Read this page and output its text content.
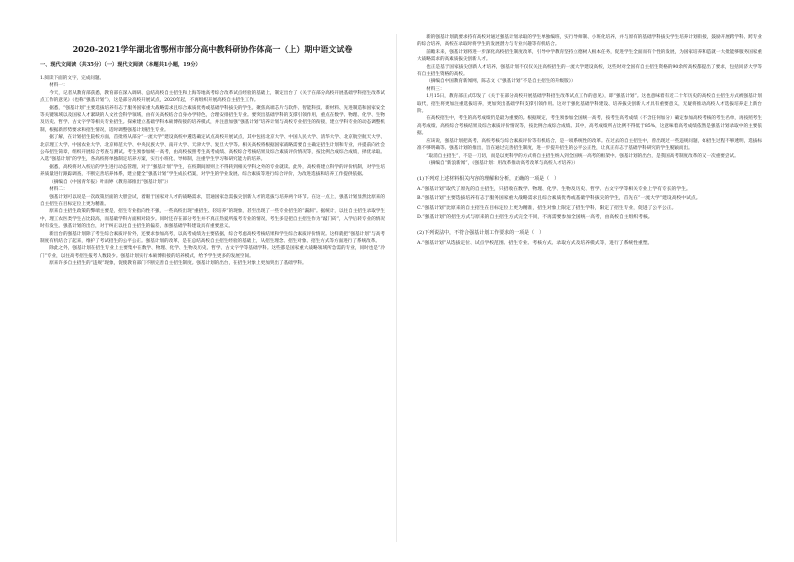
2020-2021学年湖北省鄂州市部分高中教科研协作体高一（上）期中语文试卷
一、现代文阅读（共35分）（一）现代文阅读（本题共1小题，19分）

1.阅读下面的文字，完成问题。

材料一：

今天，记者从教育部获悉，教育部在深入调研、总结高校自主招生和上海等地高考综合改革试点经验的基础上，制定出台了《关于在部分高校开展基础学科招生改革试点工作的意见》（也称“强基计划”），这是部分高校开展试点，2020年起，不再组织开展高校自主招生工作。

据悉，“强基计划”主要选拔培养有志于服务国家重大战略需求且综合素质优秀或基础学科拔尖的学生。聚焦高端芯片与软件、智能科技、新材料、先进制造和国家安全等关键领域以及国家人才紧缺的人文社会科学领域，由有关高校结合自身办学特色，合理安排招生专业。要突出基础学科的支撑引领作用，重点在数学、物理、化学、生物及历史、哲学、古文字学等相关专业招生。探索建立基础学科本硕博衔接的培养模式，并注意加强“强基计划”培养计划与高校专业招生的衔接，建立学科专业的动态调整机制，根据新形势要求和招生情况，适时调整强基计划招生专业。

据了解，在计划招生院校方面，首批将从部分“一流大学”建设高校中遴选确定试点高校开展试点，其中包括北京大学、中国人民大学、清华大学、北京航空航天大学、北京理工大学、中国农业大学、北京师范大学、中央民族大学、南开大学、天津大学、复旦大学等。相关高校将根据国家战略需要自主确定招生计划和专业，并提前向社会公布招生简章，组织开展综合考查与测试。考生须参加统一高考，由高校按照考生高考成绩、高校综合考核结果及综合素质评价情况等，按比例合成综合成绩，择优录取。入选“强基计划”的学生，各高校将单独制定培养方案，实行小班化、导师制，注重学生学习和研究能力的培养。

据悉，高校将对入校后的学生进行动态管理，对于“强基计划”学生，在校期间原则上不得转到相关学科之外的专业就读。此外，高校将建立科学的评价机制，对学生培养质量进行跟踪调查，不断完善培养体系，建立健全“强基计划”学生成长档案，对学生的学业发展、综合素质等进行综合评价，为改进选拔和培养工作提供依据。

（摘编自《中国青年报》叶雨婷《教育部推出“强基计划”》）

材料二：

强基计划可以说是一次政策层面的大胆尝试，着眼于国家对人才的战略需求，贯通国家急需拔尖创新人才的选拔与培养两个环节。在这一点上，强基计划显然比原来的自主招生在目标定位上更为精准。

原来自主招生政策的弊端主要是，招生专业指向性不强，一些高校出现“重招生、轻培养”的现象，甚至出现了一些专业招生的“漏洞”。据统计，以往自主招生录取学生中，理工农医类学生占比较高，而基础学科方面相对较少。同时还存在部分考生并不真正热爱所报考专业的情况，考生多是把自主招生作为“敲门砖”，入学后转专业的情况时有发生。强基计划的出台，对于纠正以往自主招生的偏差，加强基础学科建设具有重要意义。

新出台的强基计划除了考生综合素质评价外，还要求参加高考，以高考成绩为主要依据，综合考虑高校考核结果和学生综合素质评价情况。这样就把“强基计划”与高考制度有机结合了起来，维护了考试招生的公平公正。强基计划的改革，是在总结高校自主招生经验的基础上，从招生理念、招生对象、招生方式等方面进行了系统改革。

除此之外，强基计划在招生专业上主要集中在数学、物理、化学、生物及历史、哲学、古文字学等基础学科。这些都是国家重大战略领域所急需的专业，同时也是“冷门”专业，以往高考招生报考人数较少。强基计划实行本硕博衔接的培养模式，给予学生更多的发展空间。

原来许多自主招生的“违规”现象，促使教育部门不断完善自主招生制度。强基计划的出台，在招生对象上更加突出了基础学科。

新的强基计划就要求持有高校对通过强基计划录取的学生单独编班，实行导师制、小班化培养，并与原有的基础学科拔尖学生培养计划衔接，鼓励开展跨学科、跨专业的综合培养，高校在录取时将学生的发展潜力与专业兴趣等有机结合。

前瞻未来，强基计划将进一步深化高校招生制度改革，引导中学教育坚持立德树人根本任务，促进学生全面而有个性的发展，为国家培养和造就一大批能够服务国家重大战略需求的高素质拔尖创新人才。

也正是基于国家拔尖创新人才培养，强基计划不仅仅关注高校招生的一流大学建设高校，这些时对全国有自主招生资格的90余所高校都提出了要求，包括同济大学等有自主招生资格的高校。

（摘编自中国教育新闻网，陈志文《“强基计划”不是自主招生的升级版》）

材料三：

1月15日，教育部正式印发了《关于在部分高校开展基础学科招生改革试点工作的意见》，即“强基计划”。这也意味着有近二十年历史的高校自主招生方式被强基计划取代，招生将更加注重选拔培养，更加突出基础学科支撑引领作用。这对于强化基础学科建设、培养拔尖创新人才具有重要意义，无疑将推动高校人才选拔培养走上新台阶。

在高校招生中，考生的高考成绩仍是最为重要的。根据规定，考生须参加全国统一高考，按考生高考成绩（不含任何加分）确定参加高校考核的考生名单，再按照考生高考成绩、高校综合考核结果及综合素质评价情况等，按比例合成综合成绩。其中，高考成绩所占比例不得低于85%，这意味着高考成绩依然是强基计划录取中的主要依据。

应该说，强基计划把高考、高校考核与综合素质评价等有机结合，是一项系统性的改革。在过去的自主招生中，曾出现过一些违规问题，如招生过程不够透明，选拔标准不够明确等。强基计划的推出，旨在通过完善招生制度，进一步提升招生的公平公正性，让真正有志于基础学科研究的学生脱颖而出。

“取消自主招生”，不是一刀切，而是以更科学的方式将自主招生纳入到全国统一高考的框架中。强基计划的出台，是我国高考制度改革的又一次重要尝试。

（摘编自“新浪新闻”，《强基计划：用改革推动高考改革与高校人才培养》）

(1)下列对上述材料相关内容的理解和分析，正确的一项是（　）

A.“强基计划”取代了原先的自主招生，只招收在数学、物理、化学、生物及历史、哲学、古文字学等相关专业上学有专长的学生。

B.“强基计划”主要选拔培养有志于服务国家重大战略需求且综合素质优秀或基础学科拔尖的学生，首先在“一流大学”建设高校中试点。

C.“强基计划”比原来的自主招生在目标定位上更为精准，招生对象上限定了招生学科，限定了招生专业，促进了公平公正。

D.“强基计划”的招生方式与原来的自主招生方式完全不同，不再需要参加全国统一高考，由高校自主组织考核。

(2)下列说法中，不符合强基计划工作要求的一项是（　）

A.“强基计划”从选拔定位、试点学校范围、招生专业、考核方式、录取方式及培养模式等，进行了系统性重塑。
